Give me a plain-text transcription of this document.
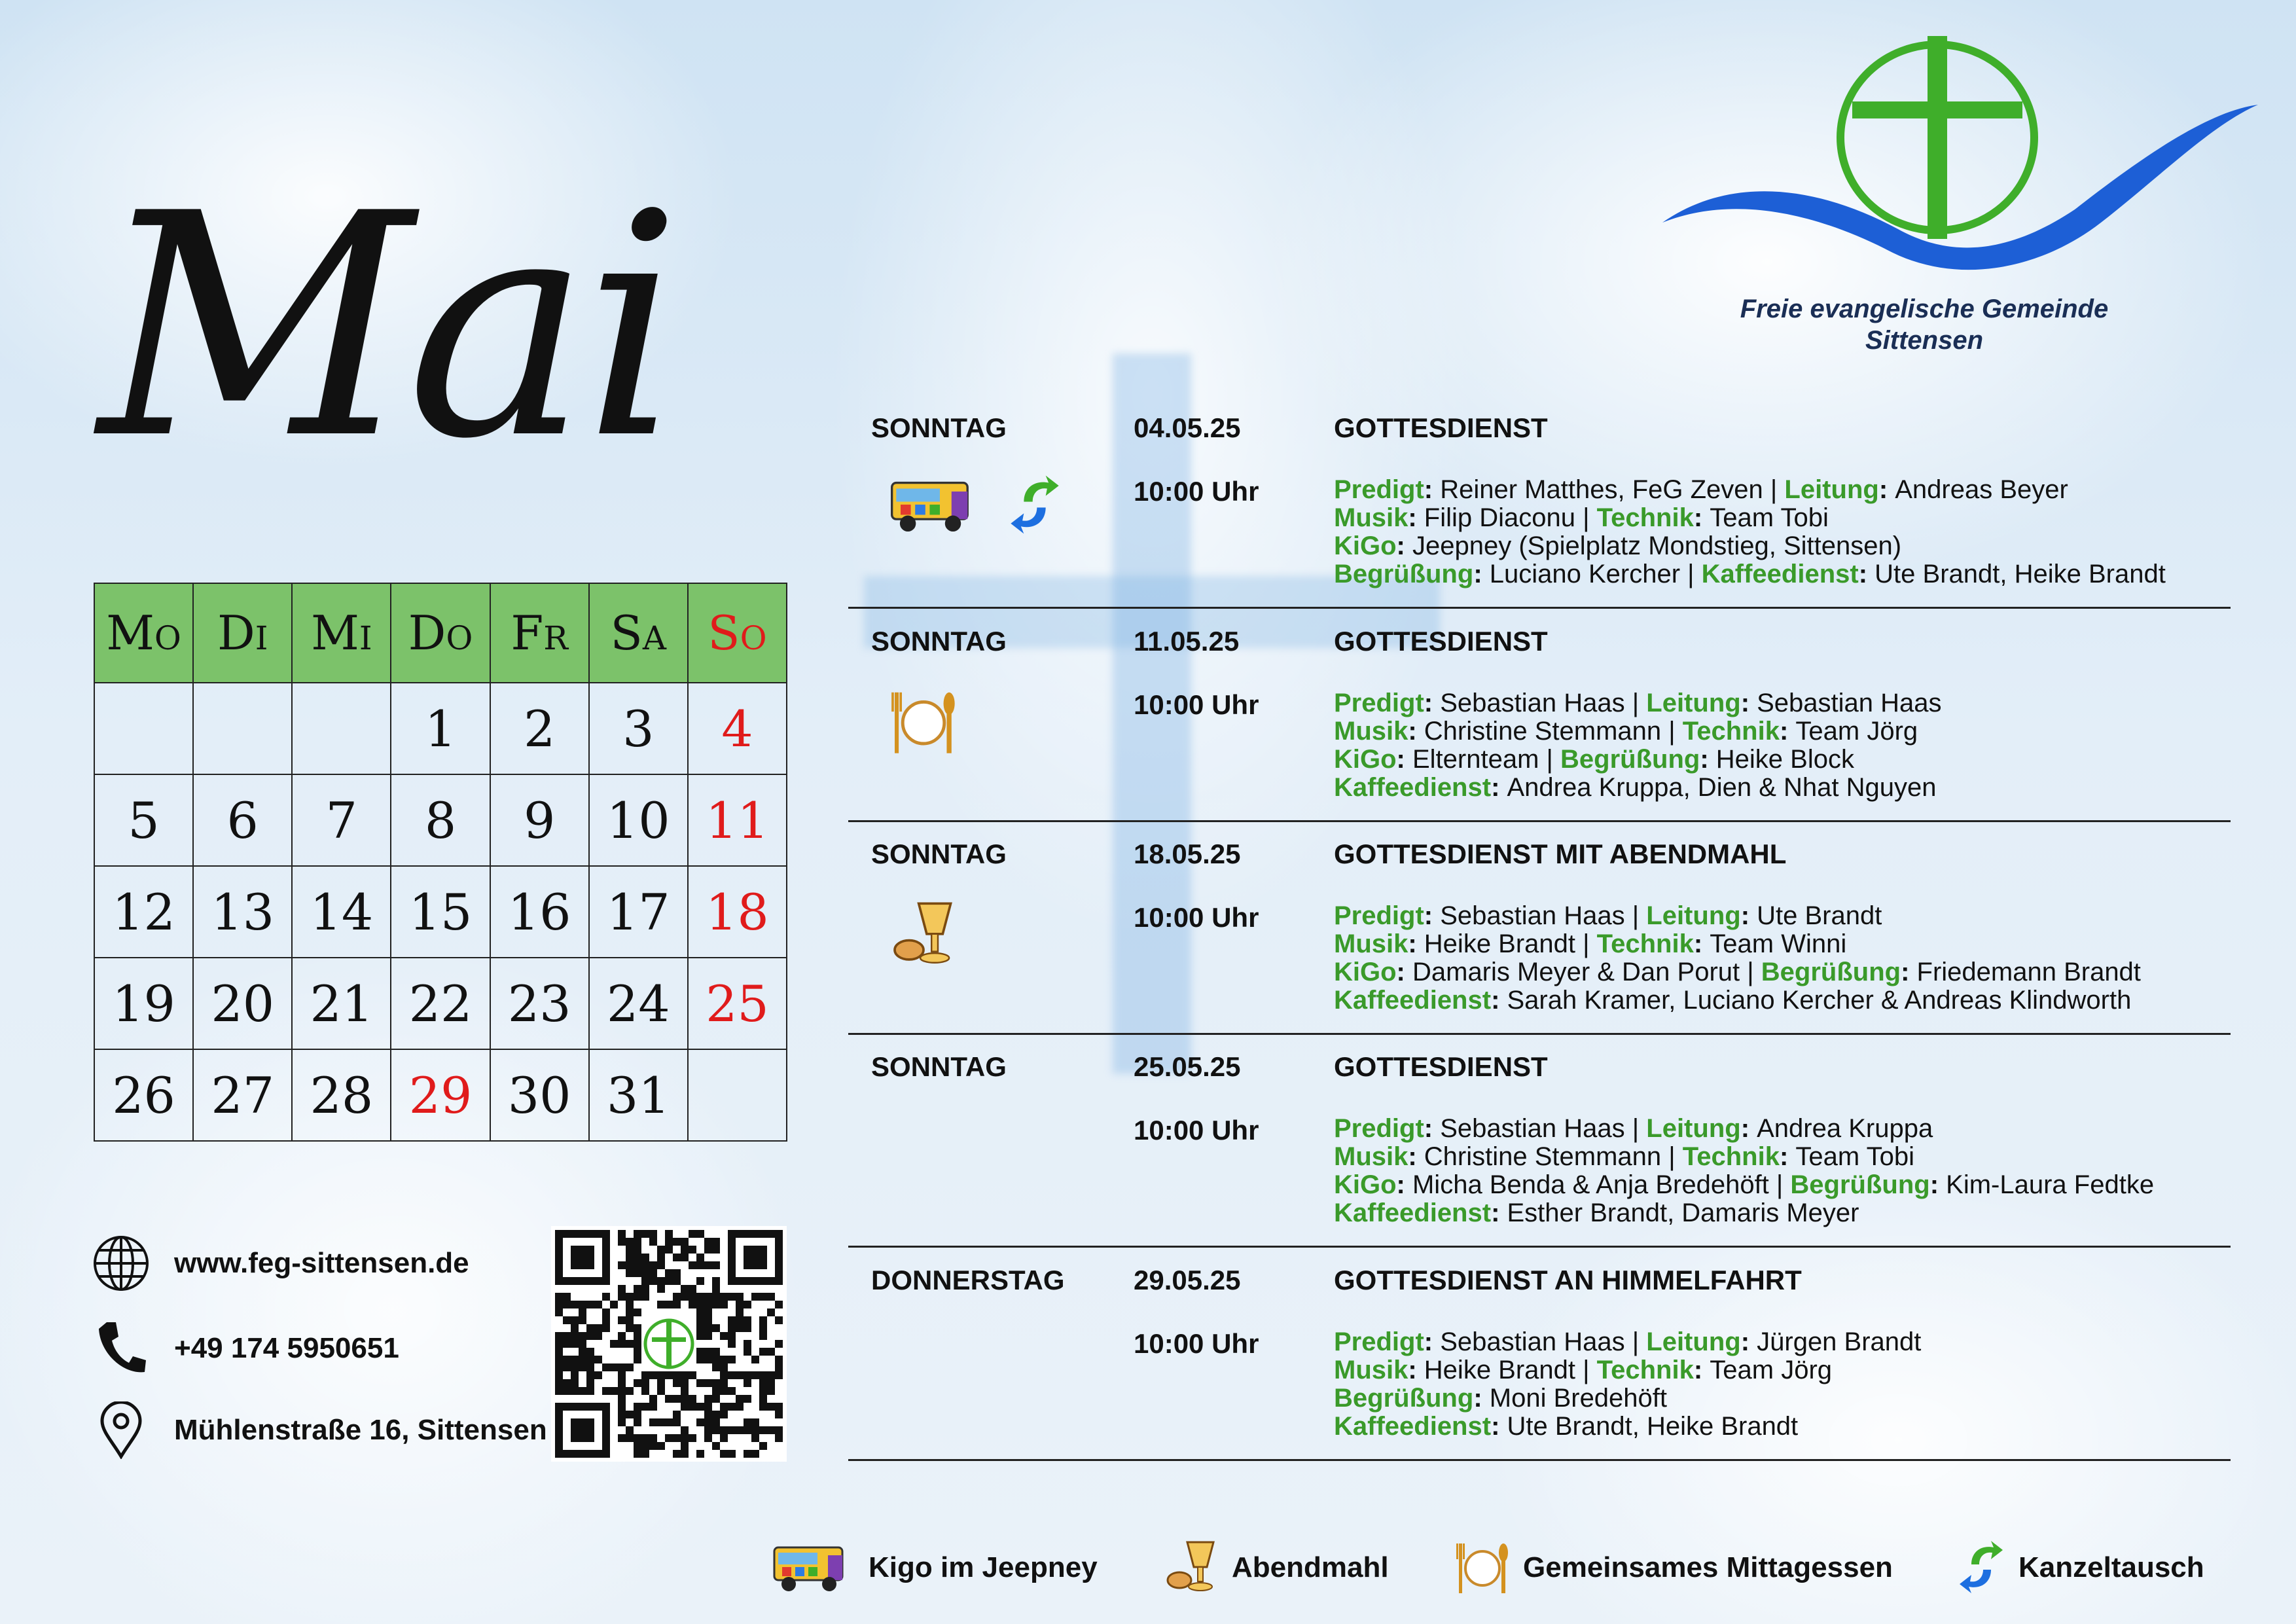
Mai	Freie evangelische Gemeinde
Sittensen
Mo	Di	Mi	Do	Fr	Sa	So
			1	2	3	4
5	6	7	8	9	10	11
12	13	14	15	16	17	18
19	20	21	22	23	24	25
26	27	28	29	30	31	
www.feg-sittensen.de
+49 174 5950651
Mühlenstraße 16, Sittensen
SONNTAG	04.05.25	GOTTESDIENST
10:00 Uhr	Predigt: Reiner Matthes, FeG Zeven | Leitung: Andreas Beyer
Musik: Filip Diaconu | Technik: Team Tobi
KiGo: Jeepney (Spielplatz Mondstieg, Sittensen)
Begrüßung: Luciano Kercher | Kaffeedienst: Ute Brandt, Heike Brandt
SONNTAG	11.05.25	GOTTESDIENST
10:00 Uhr	Predigt: Sebastian Haas | Leitung: Sebastian Haas
Musik: Christine Stemmann | Technik: Team Jörg
KiGo: Elternteam | Begrüßung: Heike Block
Kaffeedienst: Andrea Kruppa, Dien & Nhat Nguyen
SONNTAG	18.05.25	GOTTESDIENST MIT ABENDMAHL
10:00 Uhr	Predigt: Sebastian Haas | Leitung: Ute Brandt
Musik: Heike Brandt | Technik: Team Winni
KiGo: Damaris Meyer & Dan Porut | Begrüßung: Friedemann Brandt
Kaffeedienst: Sarah Kramer, Luciano Kercher & Andreas Klindworth
SONNTAG	25.05.25	GOTTESDIENST
10:00 Uhr	Predigt: Sebastian Haas | Leitung: Andrea Kruppa
Musik: Christine Stemmann | Technik: Team Tobi
KiGo: Micha Benda & Anja Bredehöft | Begrüßung: Kim-Laura Fedtke
Kaffeedienst: Esther Brandt, Damaris Meyer
DONNERSTAG	29.05.25	GOTTESDIENST AN HIMMELFAHRT
10:00 Uhr	Predigt: Sebastian Haas | Leitung: Jürgen Brandt
Musik: Heike Brandt | Technik: Team Jörg
Begrüßung: Moni Bredehöft
Kaffeedienst: Ute Brandt, Heike Brandt
Kigo im Jeepney	Abendmahl	Gemeinsames Mittagessen	Kanzeltausch
